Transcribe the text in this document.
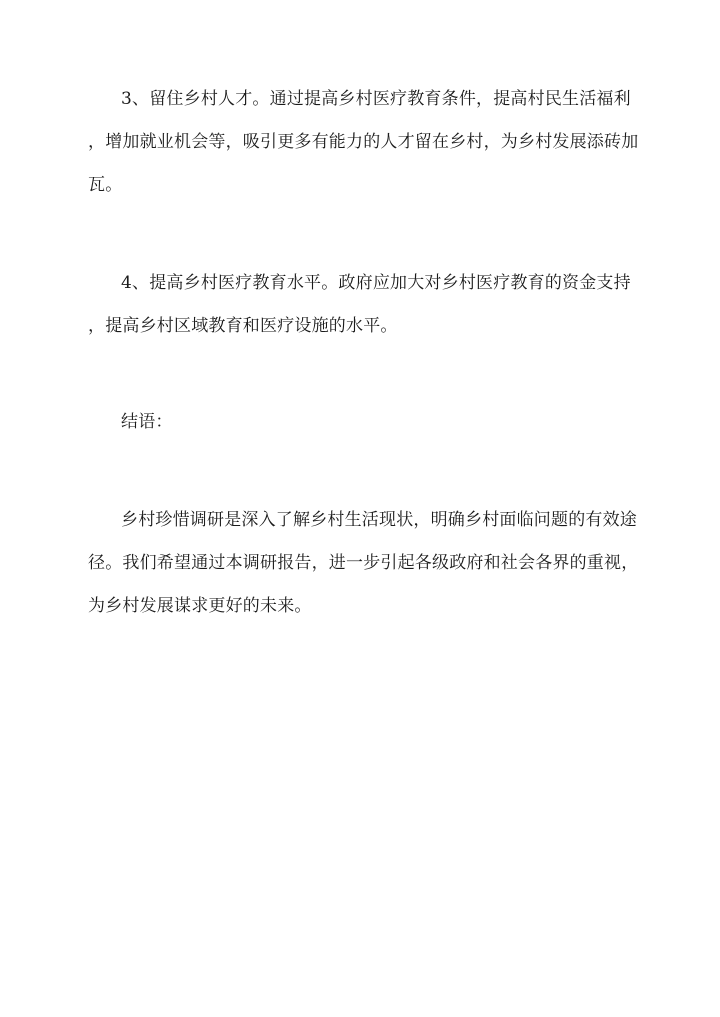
3、留住乡村人才。通过提高乡村医疗教育条件，提高村民生活福利
，增加就业机会等，吸引更多有能力的人才留在乡村，为乡村发展添砖加
瓦。
4、提高乡村医疗教育水平。政府应加大对乡村医疗教育的资金支持
，提高乡村区域教育和医疗设施的水平。
结语：
乡村珍惜调研是深入了解乡村生活现状，明确乡村面临问题的有效途
径。我们希望通过本调研报告，进一步引起各级政府和社会各界的重视，
为乡村发展谋求更好的未来。
